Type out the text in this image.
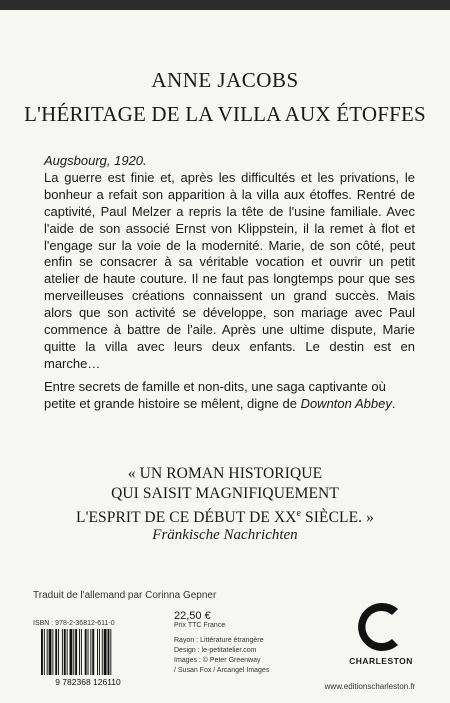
ANNE JACOBS
L'HÉRITAGE DE LA VILLA AUX ÉTOFFES
Augsbourg, 1920.
La guerre est finie et, après les difficultés et les privations, le bonheur a refait son apparition à la villa aux étoffes. Rentré de captivité, Paul Melzer a repris la tête de l'usine familiale. Avec l'aide de son associé Ernst von Klippstein, il la remet à flot et l'engage sur la voie de la modernité. Marie, de son côté, peut enfin se consacrer à sa véritable vocation et ouvrir un petit atelier de haute couture. Il ne faut pas longtemps pour que ses merveilleuses créations connaissent un grand succès. Mais alors que son activité se développe, son mariage avec Paul commence à battre de l'aile. Après une ultime dispute, Marie quitte la villa avec leurs deux enfants. Le destin est en marche…
Entre secrets de famille et non-dits, une saga captivante où petite et grande histoire se mêlent, digne de Downton Abbey.
« UN ROMAN HISTORIQUE
QUI SAISIT MAGNIFIQUEMENT
L'ESPRIT DE CE DÉBUT DE XXe SIÈCLE. »
Fränkische Nachrichten
Traduit de l'allemand par Corinna Gepner
ISBN : 978-2-36812-611-0
9 782368 126110
22,50 €
Prix TTC France
Rayon : Littérature étrangère
Design : le-petitatelier.com
Images : © Peter Greenway
/ Susan Fox / Arcangel Images
CHARLESTON
www.editionscharleston.fr
